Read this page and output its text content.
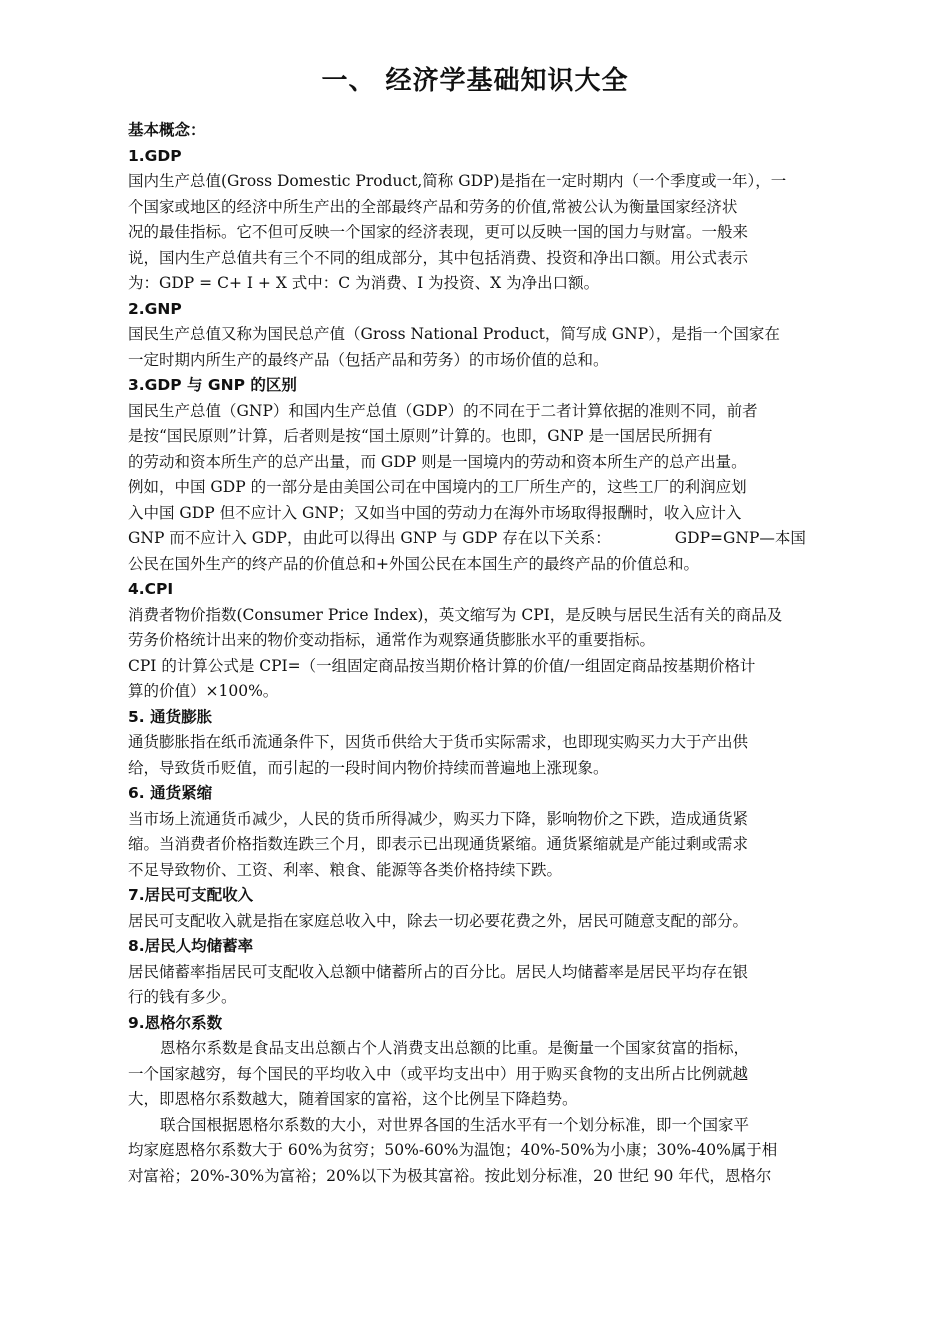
一、 经济学基础知识大全
基本概念：
1.GDP
国内生产总值(Gross Domestic Product,简称 GDP)是指在一定时期内（一个季度或一年），一
个国家或地区的经济中所生产出的全部最终产品和劳务的价值,常被公认为衡量国家经济状
况的最佳指标。它不但可反映一个国家的经济表现，更可以反映一国的国力与财富。一般来
说，国内生产总值共有三个不同的组成部分，其中包括消费、投资和净出口额。用公式表示
为：GDP = C+ I + X 式中：C 为消费、I 为投资、X 为净出口额。
2.GNP
国民生产总值又称为国民总产值（Gross National Product，简写成 GNP），是指一个国家在
一定时期内所生产的最终产品（包括产品和劳务）的市场价值的总和。
3.GDP 与 GNP 的区别
国民生产总值（GNP）和国内生产总值（GDP）的不同在于二者计算依据的准则不同，前者
是按“国民原则”计算，后者则是按“国土原则”计算的。也即，GNP 是一国居民所拥有
的劳动和资本所生产的总产出量，而 GDP 则是一国境内的劳动和资本所生产的总产出量。
例如，中国 GDP 的一部分是由美国公司在中国境内的工厂所生产的，这些工厂的利润应划
入中国 GDP 但不应计入 GNP；又如当中国的劳动力在海外市场取得报酬时，收入应计入
GNP 而不应计入 GDP，由此可以得出 GNP 与 GDP 存在以下关系：	GDP=GNP—本国
公民在国外生产的终产品的价值总和+外国公民在本国生产的最终产品的价值总和。
4.CPI
消费者物价指数(Consumer Price Index)，英文缩写为 CPI，是反映与居民生活有关的商品及
劳务价格统计出来的物价变动指标，通常作为观察通货膨胀水平的重要指标。
CPI 的计算公式是 CPI=（一组固定商品按当期价格计算的价值/一组固定商品按基期价格计
算的价值）×100%。
5. 通货膨胀
通货膨胀指在纸币流通条件下，因货币供给大于货币实际需求，也即现实购买力大于产出供
给，导致货币贬值，而引起的一段时间内物价持续而普遍地上涨现象。
6. 通货紧缩
当市场上流通货币减少，人民的货币所得减少，购买力下降，影响物价之下跌，造成通货紧
缩。当消费者价格指数连跌三个月，即表示已出现通货紧缩。通货紧缩就是产能过剩或需求
不足导致物价、工资、利率、粮食、能源等各类价格持续下跌。
7.居民可支配收入
居民可支配收入就是指在家庭总收入中，除去一切必要花费之外，居民可随意支配的部分。
8.居民人均储蓄率
居民储蓄率指居民可支配收入总额中储蓄所占的百分比。居民人均储蓄率是居民平均存在银
行的钱有多少。
9.恩格尔系数
恩格尔系数是食品支出总额占个人消费支出总额的比重。是衡量一个国家贫富的指标，
一个国家越穷，每个国民的平均收入中（或平均支出中）用于购买食物的支出所占比例就越
大，即恩格尔系数越大，随着国家的富裕，这个比例呈下降趋势。
联合国根据恩格尔系数的大小，对世界各国的生活水平有一个划分标准，即一个国家平
均家庭恩格尔系数大于 60%为贫穷；50%-60%为温饱；40%-50%为小康；30%-40%属于相
对富裕；20%-30%为富裕；20%以下为极其富裕。按此划分标准，20 世纪 90 年代，恩格尔
